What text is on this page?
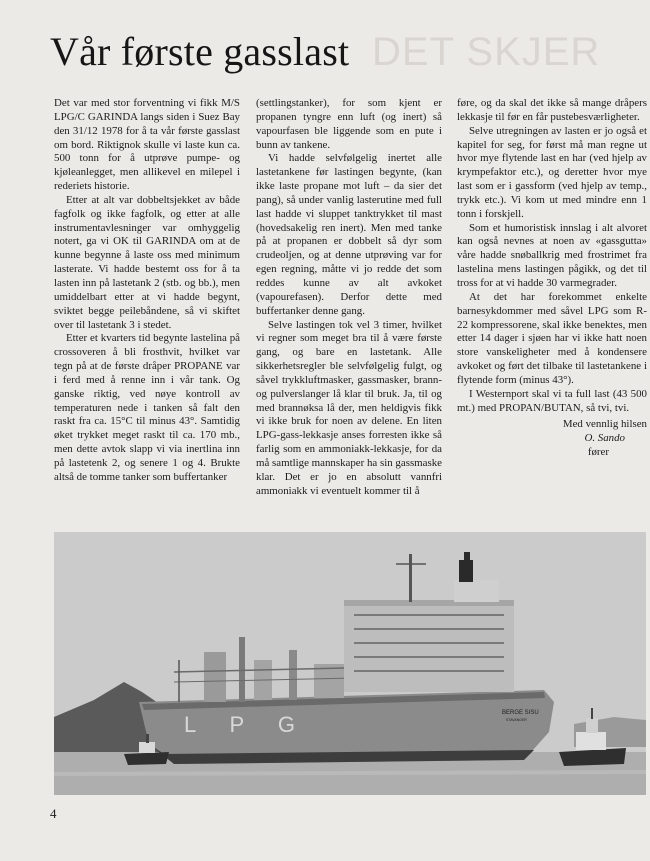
DET SKJER
Vår første gasslast

Det var med stor forventning vi fikk M/S LPG/C GARINDA langs siden i Suez Bay den 31/12 1978 for å ta vår første gasslast om bord. Riktignok skulle vi laste kun ca. 500 tonn for å utprøve pumpe- og kjøleanlegget, men allikevel en milepel i rederiets historie.

Etter at alt var dobbeltsjekket av både fagfolk og ikke fagfolk, og etter at alle instrumentavlesninger var omhyggelig notert, ga vi OK til GARINDA om at de kunne begynne å laste oss med minimum lasterate. Vi hadde bestemt oss for å ta lasten inn på lastetank 2 (stb. og bb.), men umiddelbart etter at vi hadde begynt, sviktet begge peilebåndene, så vi skiftet over til lastetank 3 i stedet.

Etter et kvarters tid begynte lastelina på crossoveren å bli frosthvit, hvilket var tegn på at de første dråper PROPANE var i ferd med å renne inn i vår tank. Og ganske riktig, ved nøye kontroll av temperaturen nede i tanken så falt den raskt fra ca. 15°C til minus 43°. Samtidig øket trykket meget raskt til ca. 170 mb., men dette avtok slapp vi via inertlina inn på lastetenk 2, og senere 1 og 4. Brukte altså de tomme tanker som buffertanker

(settlingstanker), for som kjent er propanen tyngre enn luft (og inert) så vapourfasen ble liggende som en pute i bunn av tankene.

Vi hadde selvfølgelig inertet alle lastetankene før lastingen begynte, (kan ikke laste propane mot luft – da sier det pang), så under vanlig lasterutine med full last hadde vi sluppet tanktrykket til mast (hovedsakelig ren inert). Men med tanke på at propanen er dobbelt så dyr som crudeoljen, og at denne utprøving var for egen regning, måtte vi jo redde det som reddes kunne av alt avkoket (vapourefasen). Derfor dette med buffertanker denne gang.

Selve lastingen tok vel 3 timer, hvilket vi regner som meget bra til å være første gang, og bare en lastetank. Alle sikkerhetsregler ble selvfølgelig fulgt, og såvel trykkluftmasker, gassmasker, brann- og pulverslanger lå klar til bruk. Ja, til og med brannøksa lå der, men heldigvis fikk vi ikke bruk for noen av delene. En liten LPG-gass-lekkasje anses forresten ikke så farlig som en ammoniakk-lekkasje, for da må samtlige mannskaper ha sin gassmaske klar. Det er jo en absolutt vannfri ammoniakk vi eventuelt kommer til å

føre, og da skal det ikke så mange dråpers lekkasje til før en får pustebesværligheter.

Selve utregningen av lasten er jo også et kapitel for seg, for først må man regne ut hvor mye flytende last en har (ved hjelp av krympefaktor etc.), og deretter hvor mye last som er i gassform (ved hjelp av temp., trykk etc.). Vi kom ut med mindre enn 1 tonn i forskjell.

Som et humoristisk innslag i alt alvoret kan også nevnes at noen av «gassgutta» våre hadde snøballkrig med frostrimet fra lastelina mens lastingen pågikk, og det til tross for at vi hadde 30 varmegrader.

At det har forekommet enkelte barnesykdommer med såvel LPG som R-22 kompressorene, skal ikke benektes, men etter 14 dager i sjøen har vi ikke hatt noen store vanskeligheter med å kondensere avkoket og ført det tilbake til lastetankene i flytende form (minus 43°).

I Westernport skal vi ta full last (43 500 mt.) med PROPAN/BUTAN, så tvi, tvi.

Med vennlig hilsen
O. Sando
fører
L P G	BERGE SISU
STAVANGER
4
